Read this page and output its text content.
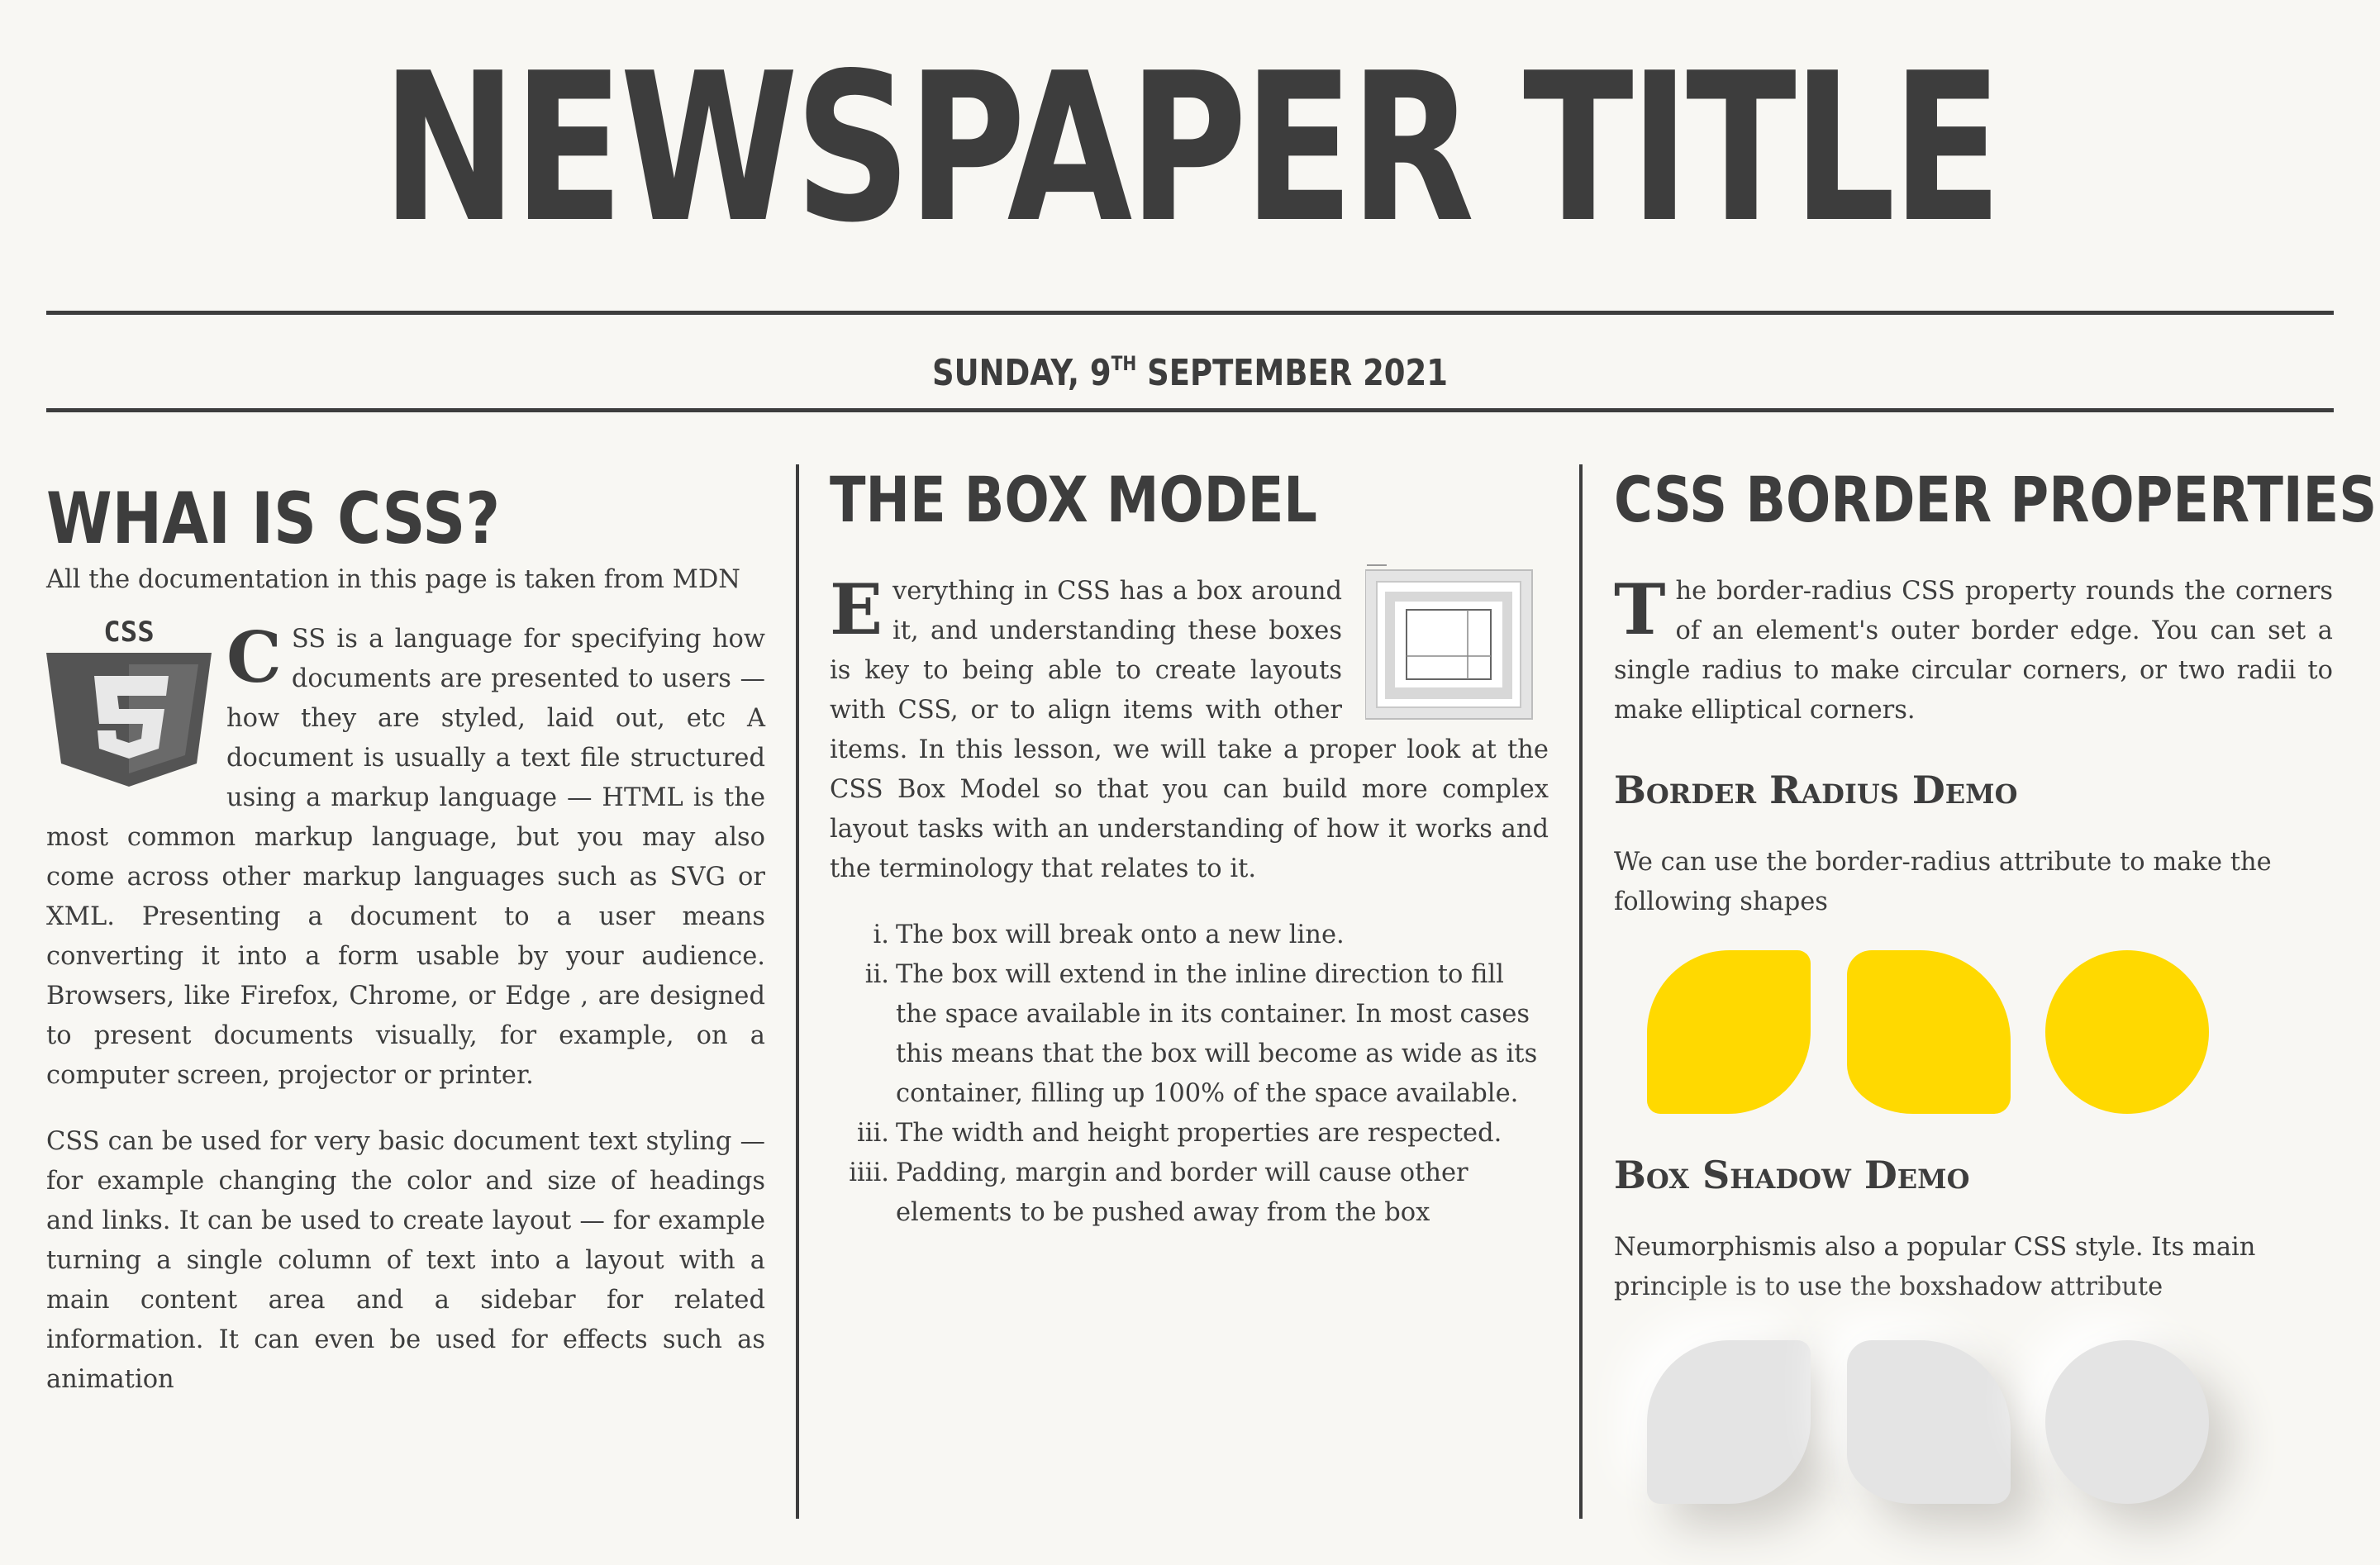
NEWSPAPER TITLE
SUNDAY, 9TH SEPTEMBER 2021
WHAI IS CSS?

All the documentation in this page is taken from MDN

CSS CSS is a language for specifying how documents are presented to users — how they are styled, laid out, etc A document is usually a text file structured using a markup language — HTML is the most common markup language, but you may also come across other markup languages such as SVG or XML. Presenting a document to a user means converting it into a form usable by your audience. Browsers, like Firefox, Chrome, or Edge , are designed to present documents visually, for example, on a computer screen, projector or printer.

CSS can be used for very basic document text styling — for example changing the color and size of headings and links. It can be used to create layout — for example turning a single column of text into a layout with a main content area and a sidebar for related information. It can even be used for effects such as animation

THE BOX MODEL

Everything in CSS has a box around it, and understanding these boxes is key to being able to create layouts with CSS, or to align items with other items. In this lesson, we will take a proper look at the CSS Box Model so that you can build more complex layout tasks with an understanding of how it works and the terminology that relates to it.

i. The box will break onto a new line.
ii. The box will extend in the inline direction to fill the space available in its container. In most cases this means that the box will become as wide as its container, filling up 100% of the space available.
iii. The width and height properties are respected.
iiii. Padding, margin and border will cause other elements to be pushed away from the box
CSS BORDER PROPERTIES

The border-radius CSS property rounds the corners of an element's outer border edge. You can set a single radius to make circular corners, or two radii to make elliptical corners.

Border Radius Demo

We can use the border-radius attribute to make the following shapes

Box Shadow Demo

Neumorphismis also a popular CSS style. Its main principle is to use the boxshadow attribute
